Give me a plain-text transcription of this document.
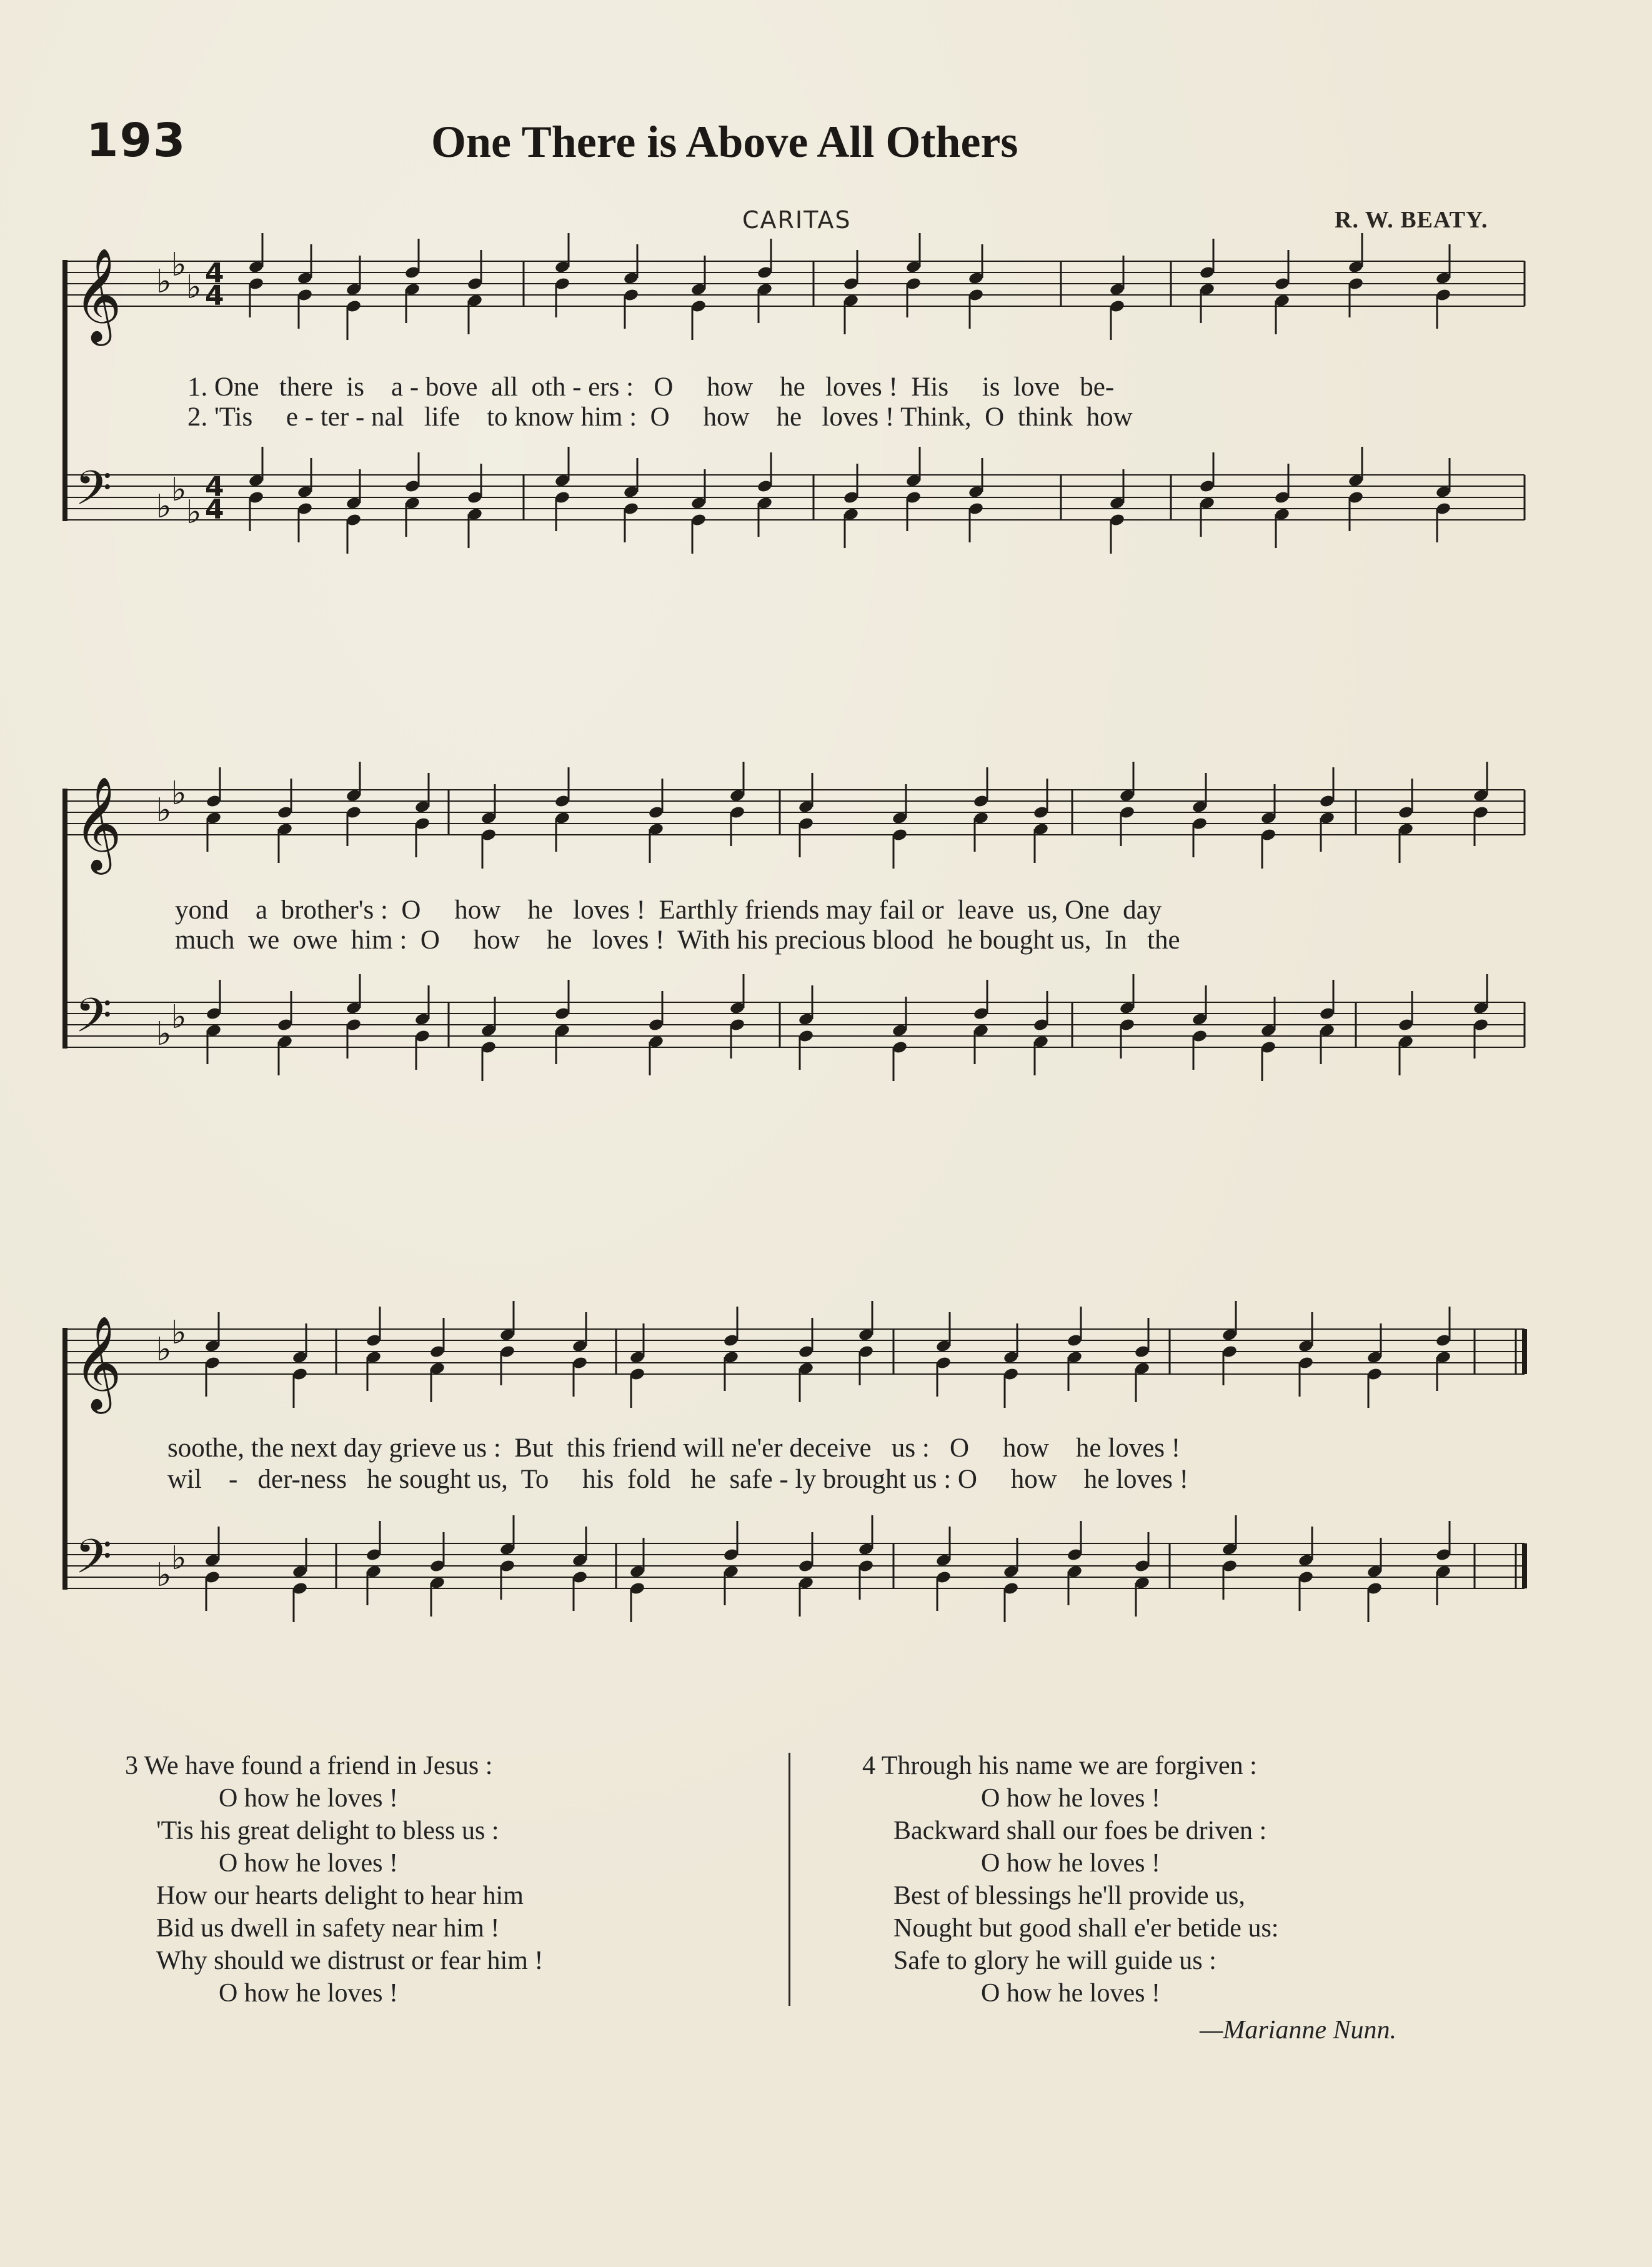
193	One There is Above All Others
CARITAS	R. W. BEATY.
𝄞 ♭ ♭
♭ 4
4
𝄢 ♭ ♭
♭
4
4
𝄞 ♭ ♭
𝄢 ♭ ♭
𝄞 ♭ ♭
𝄢 ♭ ♭
1. One   there  is    a - bove  all  oth - ers :   O     how    he   loves !  His     is  love   be-
2. 'Tis     e - ter - nal   life    to know him :  O     how    he   loves ! Think,  O  think  how
yond    a  brother's :  O     how    he   loves !  Earthly friends may fail or  leave  us, One  day
much  we  owe  him :  O     how    he   loves !  With his precious blood  he bought us,  In   the
soothe, the next day grieve us :  But  this friend will ne'er deceive   us :   O     how    he loves !
wil    -   der-ness   he sought us,  To     his  fold   he  safe - ly brought us : O     how    he loves !
3 We have found a friend in Jesus :
O how he loves !
'Tis his great delight to bless us :
O how he loves !
How our hearts delight to hear him
Bid us dwell in safety near him !
Why should we distrust or fear him !
O how he loves !
4 Through his name we are forgiven :
O how he loves !
Backward shall our foes be driven :
O how he loves !
Best of blessings he'll provide us,
Nought but good shall e'er betide us:
Safe to glory he will guide us :
O how he loves !
—Marianne Nunn.
